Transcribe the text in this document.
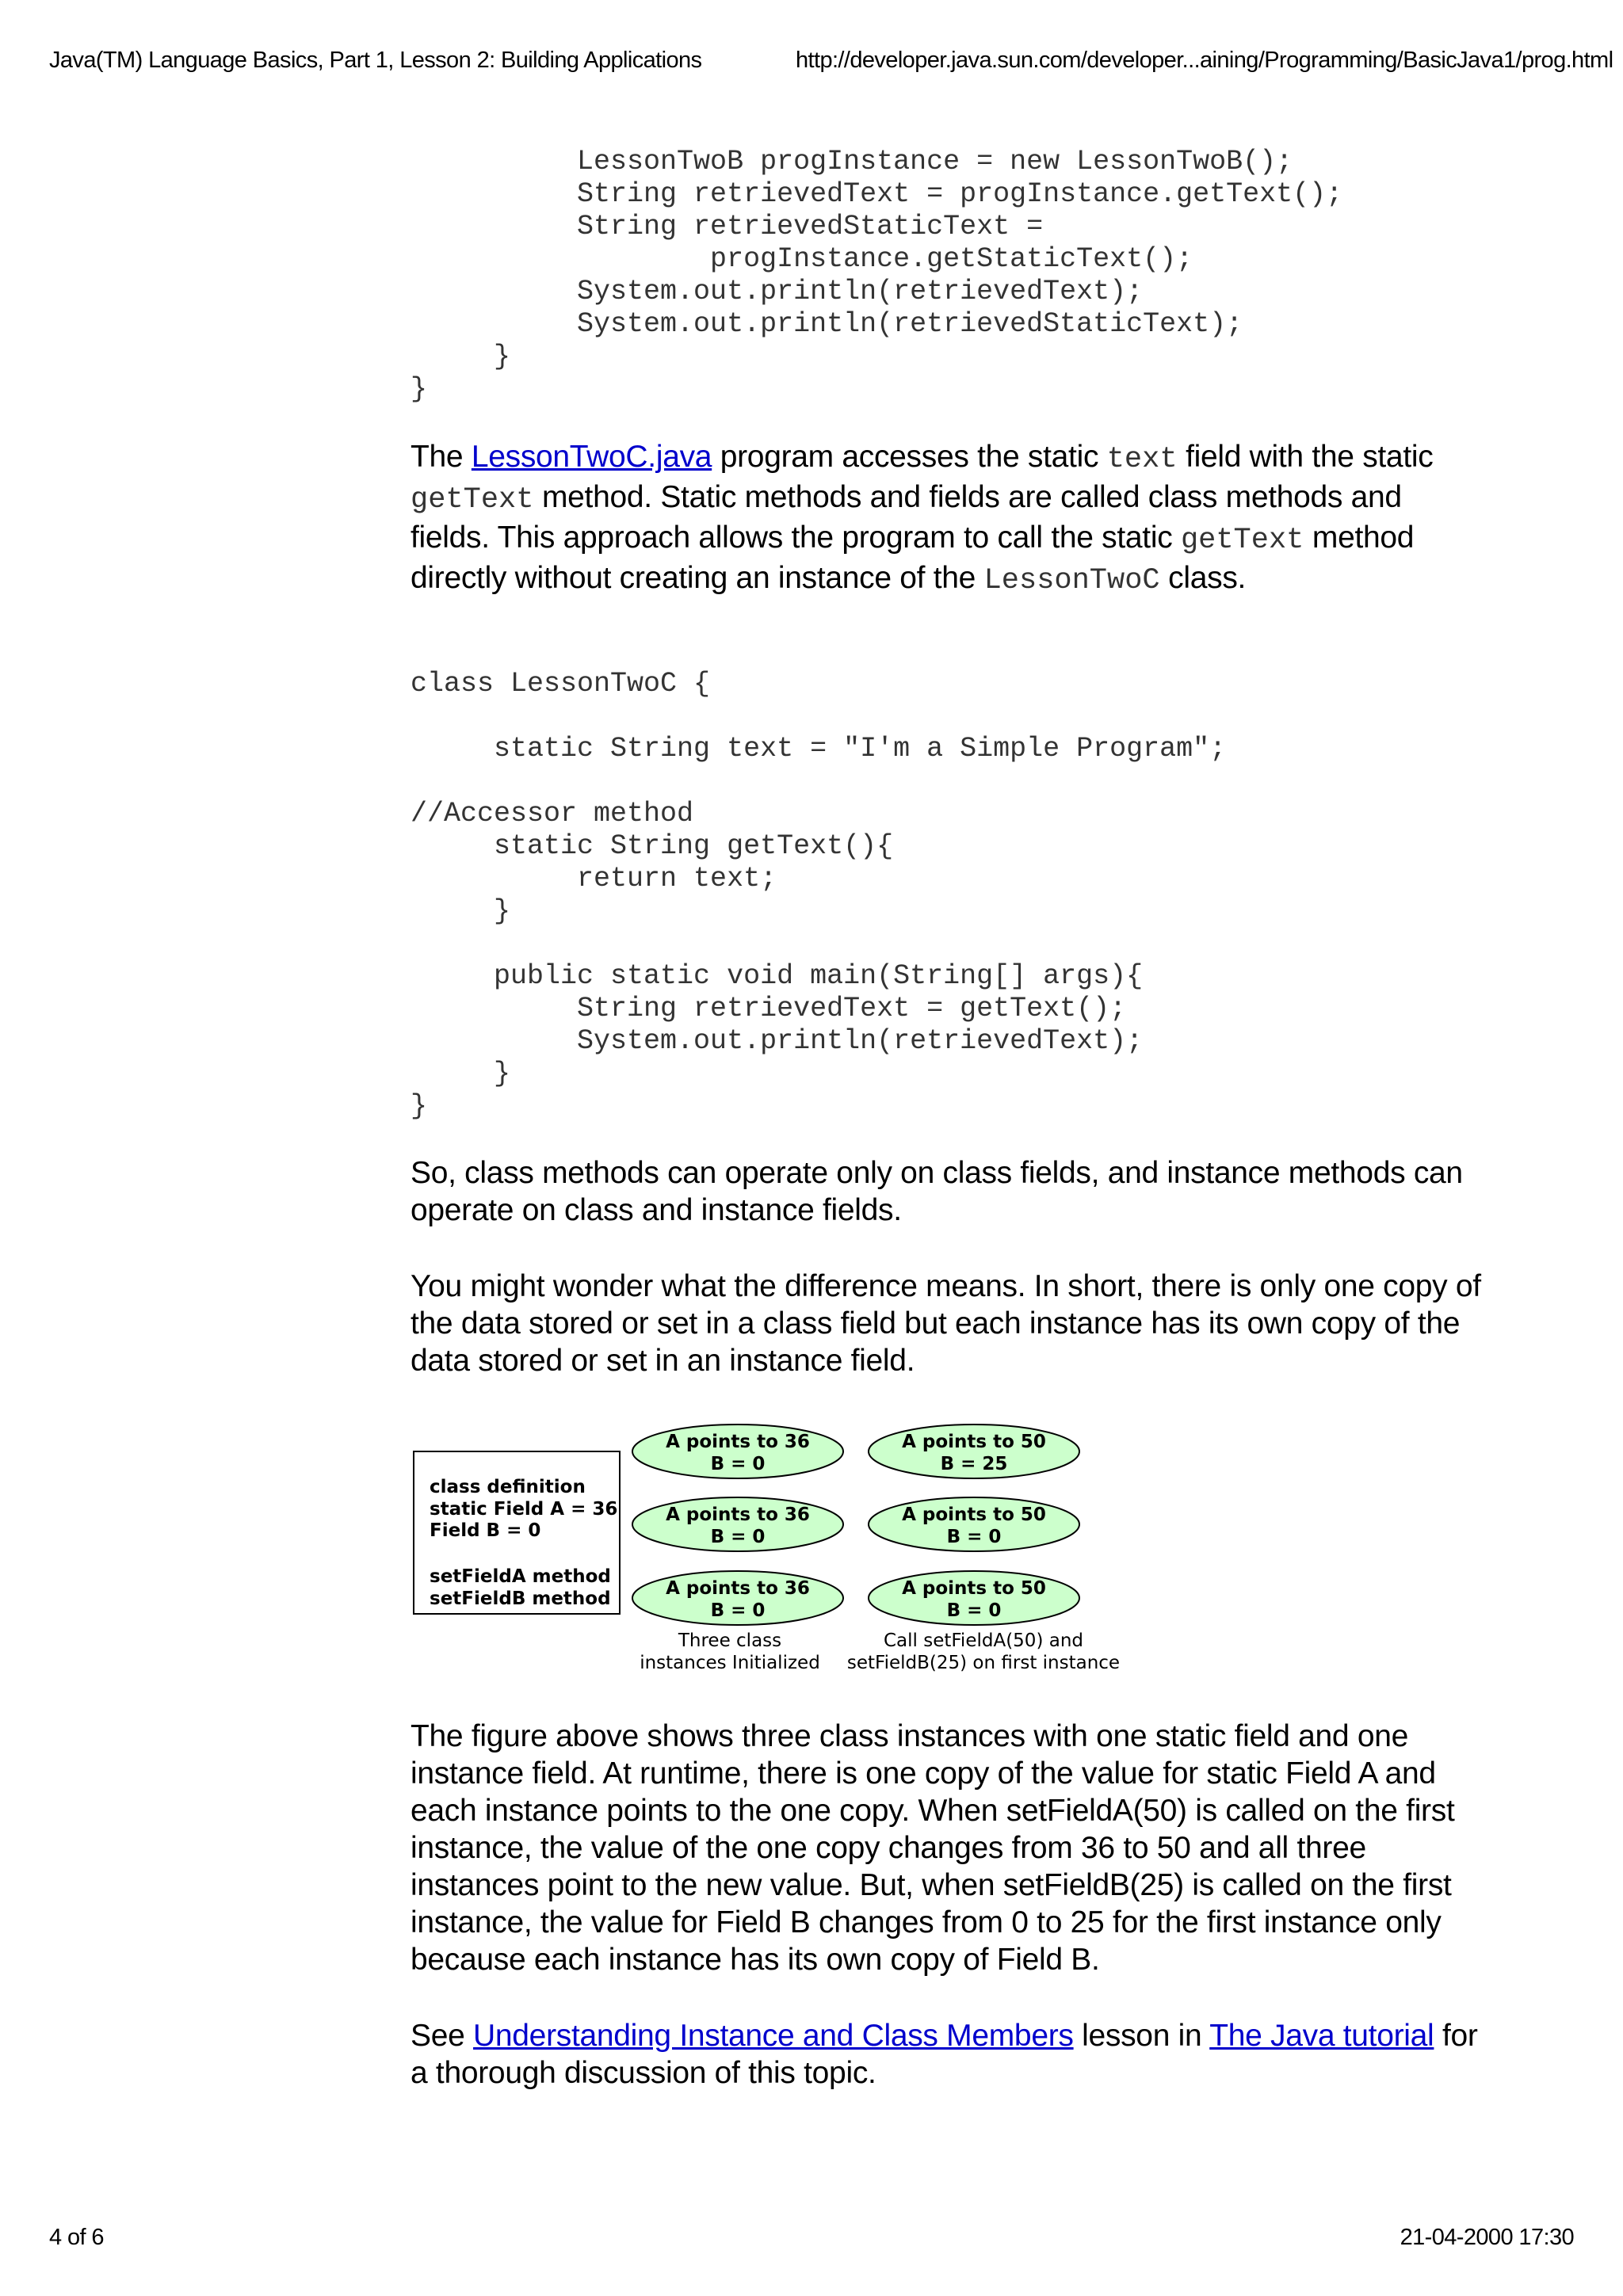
Java(TM) Language Basics, Part 1, Lesson 2: Building Applications	http://developer.java.sun.com/developer...aining/Programming/BasicJava1/prog.html
LessonTwoB progInstance = new LessonTwoB();
String retrievedText = progInstance.getText();
String retrievedStaticText =
progInstance.getStaticText();
System.out.println(retrievedText);
System.out.println(retrievedStaticText);
}
}

The LessonTwoC.java program accesses the static text field with the static getText method. Static methods and fields are called class methods and fields. This approach allows the program to call the static getText method directly without creating an instance of the LessonTwoC class.

class LessonTwoC {

static String text = "I'm a Simple Program";

//Accessor method
static String getText(){
return text;
}

public static void main(String[] args){
String retrievedText = getText();
System.out.println(retrievedText);
}
}

So, class methods can operate only on class fields, and instance methods can operate on class and instance fields.

You might wonder what the difference means. In short, there is only one copy of the data stored or set in a class field but each instance has its own copy of the data stored or set in an instance field.

class definition
static Field A = 36
Field B = 0
setFieldA method
setFieldB method
A points to 36
B = 0
A points to 36
B = 0
A points to 36
B = 0
A points to 50
B = 25
A points to 50
B = 0
A points to 50
B = 0
Three class
instances Initialized
Call setFieldA(50) and
setFieldB(25) on first instance

The figure above shows three class instances with one static field and one instance field. At runtime, there is one copy of the value for static Field A and each instance points to the one copy. When setFieldA(50) is called on the first instance, the value of the one copy changes from 36 to 50 and all three instances point to the new value. But, when setFieldB(25) is called on the first instance, the value for Field B changes from 0 to 25 for the first instance only because each instance has its own copy of Field B.

See Understanding Instance and Class Members lesson in The Java tutorial for a thorough discussion of this topic.

4 of 6	21-04-2000 17:30
